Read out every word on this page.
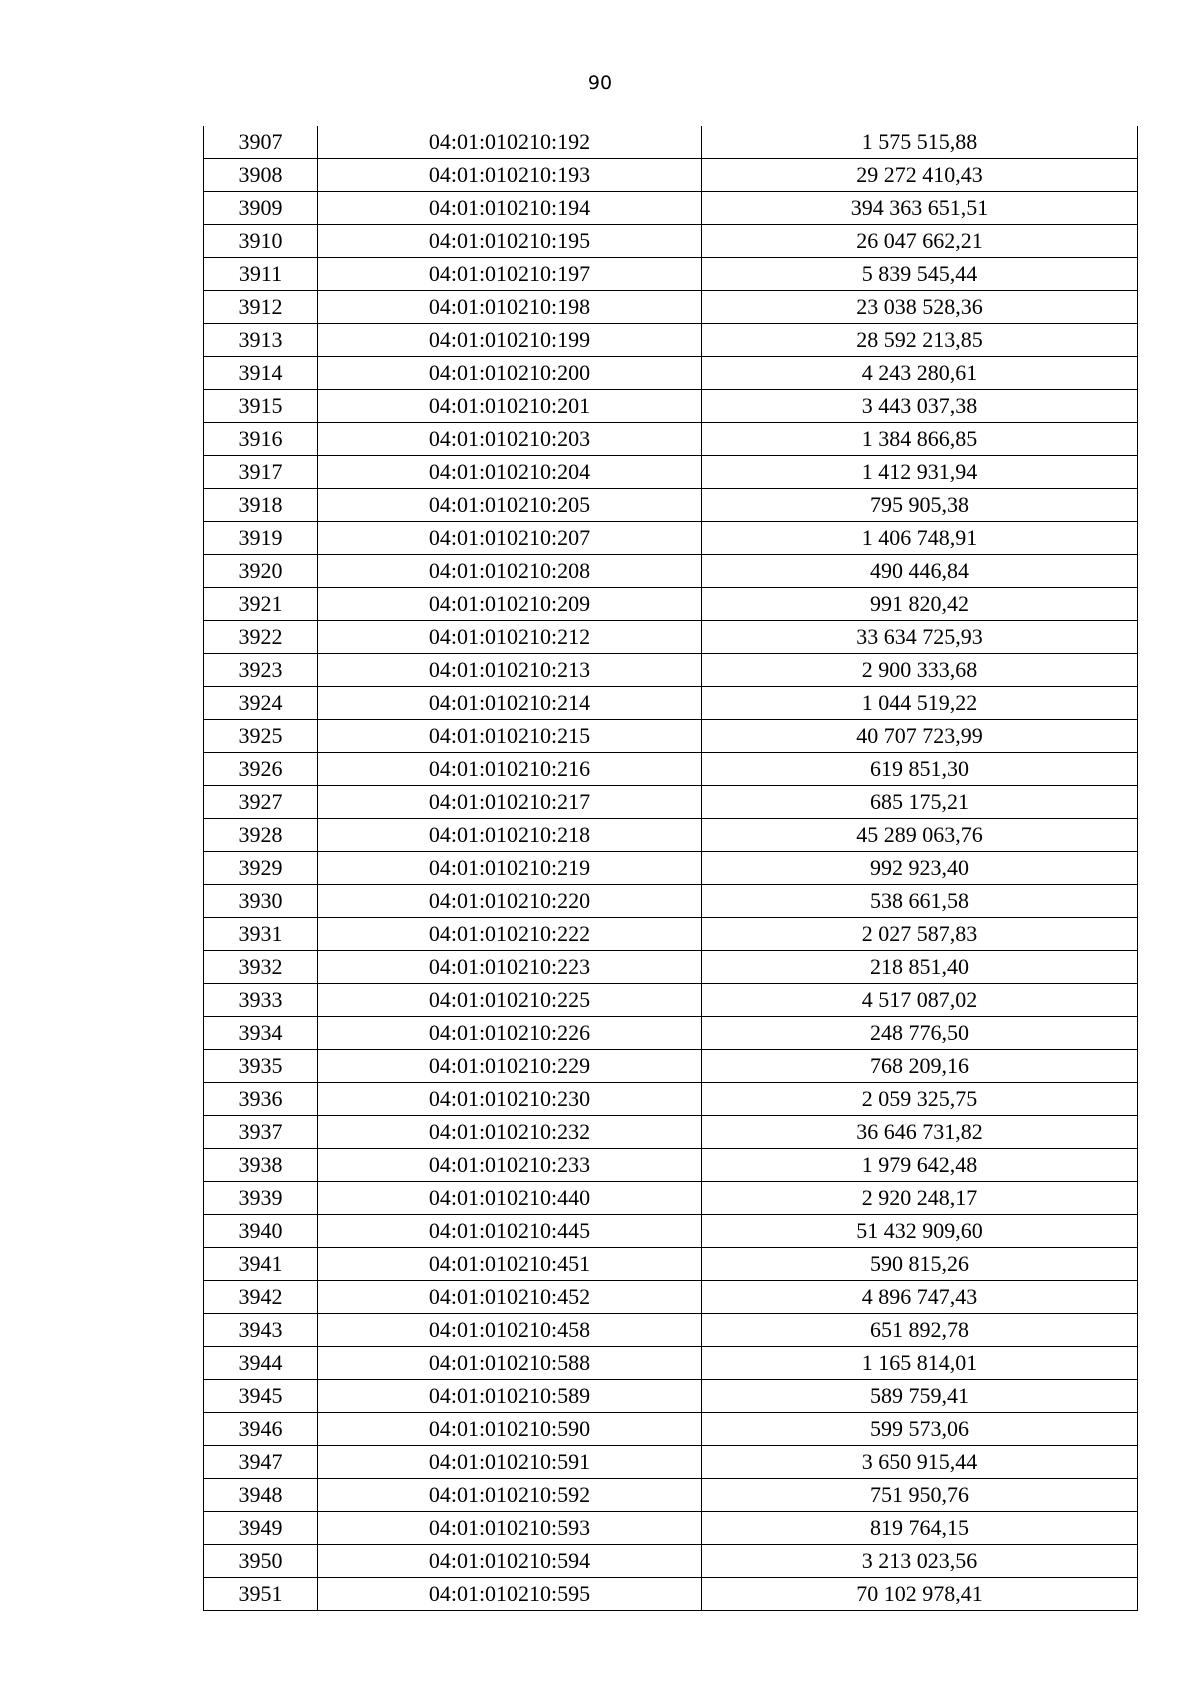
90
3907	04:01:010210:192	1 575 515,88
3908	04:01:010210:193	29 272 410,43
3909	04:01:010210:194	394 363 651,51
3910	04:01:010210:195	26 047 662,21
3911	04:01:010210:197	5 839 545,44
3912	04:01:010210:198	23 038 528,36
3913	04:01:010210:199	28 592 213,85
3914	04:01:010210:200	4 243 280,61
3915	04:01:010210:201	3 443 037,38
3916	04:01:010210:203	1 384 866,85
3917	04:01:010210:204	1 412 931,94
3918	04:01:010210:205	795 905,38
3919	04:01:010210:207	1 406 748,91
3920	04:01:010210:208	490 446,84
3921	04:01:010210:209	991 820,42
3922	04:01:010210:212	33 634 725,93
3923	04:01:010210:213	2 900 333,68
3924	04:01:010210:214	1 044 519,22
3925	04:01:010210:215	40 707 723,99
3926	04:01:010210:216	619 851,30
3927	04:01:010210:217	685 175,21
3928	04:01:010210:218	45 289 063,76
3929	04:01:010210:219	992 923,40
3930	04:01:010210:220	538 661,58
3931	04:01:010210:222	2 027 587,83
3932	04:01:010210:223	218 851,40
3933	04:01:010210:225	4 517 087,02
3934	04:01:010210:226	248 776,50
3935	04:01:010210:229	768 209,16
3936	04:01:010210:230	2 059 325,75
3937	04:01:010210:232	36 646 731,82
3938	04:01:010210:233	1 979 642,48
3939	04:01:010210:440	2 920 248,17
3940	04:01:010210:445	51 432 909,60
3941	04:01:010210:451	590 815,26
3942	04:01:010210:452	4 896 747,43
3943	04:01:010210:458	651 892,78
3944	04:01:010210:588	1 165 814,01
3945	04:01:010210:589	589 759,41
3946	04:01:010210:590	599 573,06
3947	04:01:010210:591	3 650 915,44
3948	04:01:010210:592	751 950,76
3949	04:01:010210:593	819 764,15
3950	04:01:010210:594	3 213 023,56
3951	04:01:010210:595	70 102 978,41
